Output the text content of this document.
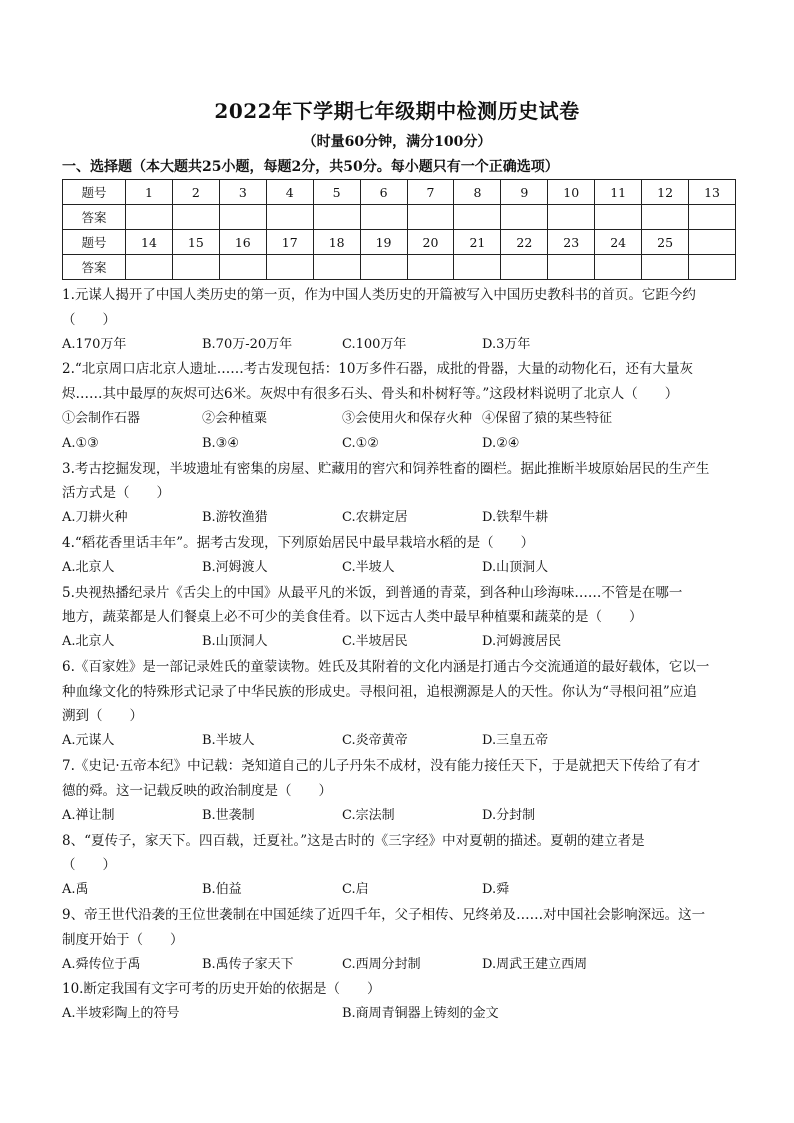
2022年下学期七年级期中检测历史试卷
（时量60分钟，满分100分）
一、选择题（本大题共25小题，每题2分，共50分。每小题只有一个正确选项）
题号	1	2	3	4	5	6	7	8	9	10	11	12	13
答案													
题号	14	15	16	17	18	19	20	21	22	23	24	25	
答案													
1.元谋人揭开了中国人类历史的第一页，作为中国人类历史的开篇被写入中国历史教科书的首页。它距今约
（　　）
A.170万年	B.70万-20万年	C.100万年	D.3万年
2.“北京周口店北京人遗址……考古发现包括：10万多件石器，成批的骨器，大量的动物化石，还有大量灰
烬……其中最厚的灰烬可达6米。灰烬中有很多石头、骨头和朴树籽等。”这段材料说明了北京人（　　）
①会制作石器	②会种植粟	③会使用火和保存火种 ④保留了猿的某些特征
A.①③	B.③④	C.①②	D.②④
3.考古挖掘发现，半坡遗址有密集的房屋、贮藏用的窖穴和饲养牲畜的圈栏。据此推断半坡原始居民的生产生
活方式是（　　）
A.刀耕火种	B.游牧渔猎	C.农耕定居	D.铁犁牛耕
4.“稻花香里话丰年”。据考古发现，下列原始居民中最早栽培水稻的是（　　）
A.北京人	B.河姆渡人	C.半坡人	D.山顶洞人
5.央视热播纪录片《舌尖上的中国》从最平凡的米饭，到普通的青菜，到各种山珍海味……不管是在哪一
地方，蔬菜都是人们餐桌上必不可少的美食佳肴。以下远古人类中最早种植粟和蔬菜的是（　　）
A.北京人	B.山顶洞人	C.半坡居民	D.河姆渡居民
6.《百家姓》是一部记录姓氏的童蒙读物。姓氏及其附着的文化内涵是打通古今交流通道的最好载体，它以一
种血缘文化的特殊形式记录了中华民族的形成史。寻根问祖，追根溯源是人的天性。你认为“寻根问祖”应追
溯到（　　）
A.元谋人	B.半坡人	C.炎帝黄帝	D.三皇五帝
7.《史记·五帝本纪》中记载：尧知道自己的儿子丹朱不成材，没有能力接任天下，于是就把天下传给了有才
德的舜。这一记载反映的政治制度是（　　）
A.禅让制	B.世袭制	C.宗法制	D.分封制
8、“夏传子，家天下。四百载，迁夏社。”这是古时的《三字经》中对夏朝的描述。夏朝的建立者是
（　　）
A.禹	B.伯益	C.启	D.舜
9、帝王世代沿袭的王位世袭制在中国延续了近四千年，父子相传、兄终弟及……对中国社会影响深远。这一
制度开始于（　　）
A.舜传位于禹	B.禹传子家天下	C.西周分封制	D.周武王建立西周
10.断定我国有文字可考的历史开始的依据是（　　）
A.半坡彩陶上的符号	B.商周青铜器上铸刻的金文
